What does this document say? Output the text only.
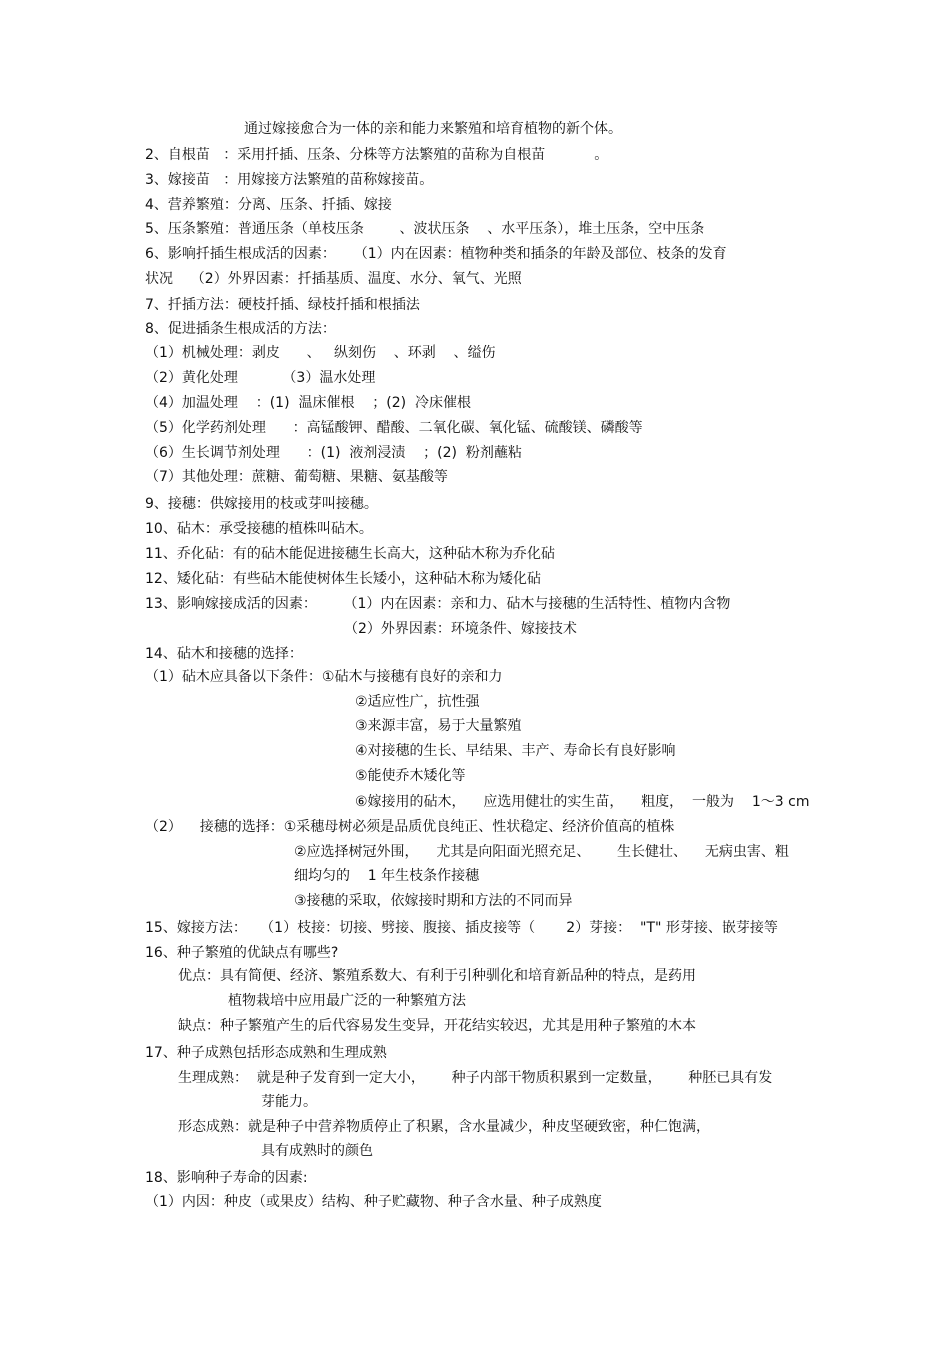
通过嫁接愈合为一体的亲和能力来繁殖和培育植物的新个体。
2、自根苗   ：采用扦插、压条、分株等方法繁殖的苗称为自根苗           。
3、嫁接苗   ：用嫁接方法繁殖的苗称嫁接苗。
4、营养繁殖：分离、压条、扦插、嫁接
5、压条繁殖：普通压条（单枝压条        、波状压条    、水平压条），堆土压条，空中压条
6、影响扦插生根成活的因素：    （1）内在因素：植物种类和插条的年龄及部位、枝条的发育
状况    （2）外界因素：扦插基质、温度、水分、氧气、光照
7、扦插方法：硬枝扦插、绿枝扦插和根插法
8、促进插条生根成活的方法：
（1）机械处理：剥皮      、   纵刻伤    、环剥    、缢伤
（2）黄化处理          （3）温水处理
（4）加温处理    ：(1)  温床催根    ；(2)  冷床催根
（5）化学药剂处理      ：高锰酸钾、醋酸、二氧化碳、氧化锰、硫酸镁、磷酸等
（6）生长调节剂处理      ：(1)  液剂浸渍    ；(2)  粉剂蘸粘
（7）其他处理：蔗糖、葡萄糖、果糖、氨基酸等
9、接穗：供嫁接用的枝或芽叫接穗。
10、砧木：承受接穗的植株叫砧木。
11、乔化砧：有的砧木能促进接穗生长高大，这种砧木称为乔化砧
12、矮化砧：有些砧木能使树体生长矮小，这种砧木称为矮化砧
13、影响嫁接成活的因素：      （1）内在因素：亲和力、砧木与接穗的生活特性、植物内含物
（2）外界因素：环境条件、嫁接技术
14、砧木和接穗的选择：
（1）砧木应具备以下条件：①砧木与接穗有良好的亲和力
②适应性广，抗性强
③来源丰富，易于大量繁殖
④对接穗的生长、早结果、丰产、寿命长有良好影响
⑤能使乔木矮化等
⑥嫁接用的砧木，    应选用健壮的实生苗，    粗度，  一般为    1～3 cm
（2）    接穗的选择：①采穗母树必须是品质优良纯正、性状稳定、经济价值高的植株
②应选择树冠外围，    尤其是向阳面光照充足、      生长健壮、    无病虫害、粗
细均匀的    1 年生枝条作接穗
③接穗的采取，依嫁接时期和方法的不同而异
15、嫁接方法：   （1）枝接：切接、劈接、腹接、插皮接等（       2）芽接：  "T" 形芽接、嵌芽接等
16、种子繁殖的优缺点有哪些?
优点：具有简便、经济、繁殖系数大、有利于引种驯化和培育新品种的特点，是药用
植物栽培中应用最广泛的一种繁殖方法
缺点：种子繁殖产生的后代容易发生变异，开花结实较迟，尤其是用种子繁殖的木本
17、种子成熟包括形态成熟和生理成熟
生理成熟：  就是种子发育到一定大小，      种子内部干物质积累到一定数量，      种胚已具有发
芽能力。
形态成熟：就是种子中营养物质停止了积累，含水量减少，种皮坚硬致密，种仁饱满，
具有成熟时的颜色
18、影响种子寿命的因素:
（1）内因：种皮（或果皮）结构、种子贮藏物、种子含水量、种子成熟度
